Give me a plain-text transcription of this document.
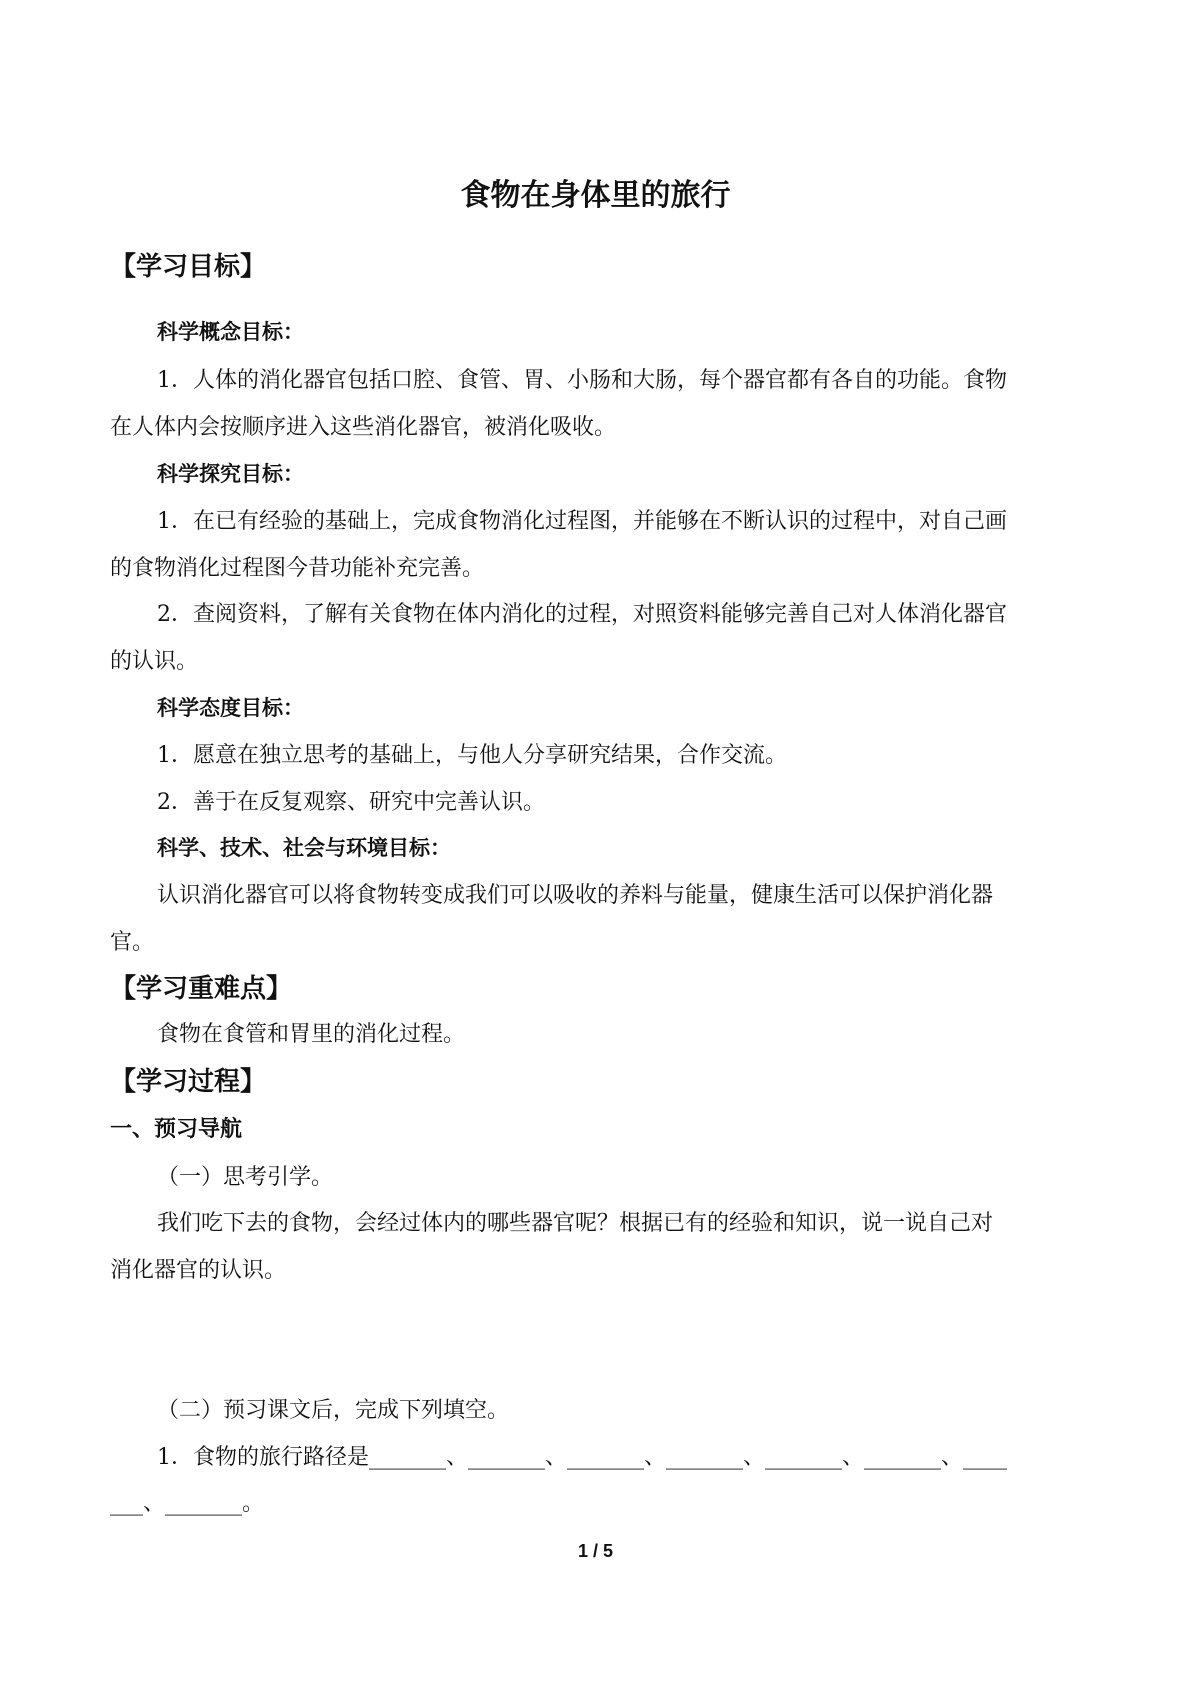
食物在身体里的旅行
【学习目标】
科学概念目标：
1．人体的消化器官包括口腔、食管、胃、小肠和大肠，每个器官都有各自的功能。食物
在人体内会按顺序进入这些消化器官，被消化吸收。
科学探究目标：
1．在已有经验的基础上，完成食物消化过程图，并能够在不断认识的过程中，对自己画
的食物消化过程图今昔功能补充完善。
2．查阅资料，了解有关食物在体内消化的过程，对照资料能够完善自己对人体消化器官
的认识。
科学态度目标：
1．愿意在独立思考的基础上，与他人分享研究结果，合作交流。
2．善于在反复观察、研究中完善认识。
科学、技术、社会与环境目标：
认识消化器官可以将食物转变成我们可以吸收的养料与能量，健康生活可以保护消化器
官。
【学习重难点】
食物在食管和胃里的消化过程。
【学习过程】
一、预习导航
（一）思考引学。
我们吃下去的食物，会经过体内的哪些器官呢？根据已有的经验和知识，说一说自己对
消化器官的认识。
（二）预习课文后，完成下列填空。
1．食物的旅行路径是_______、_______、_______、_______、_______、_______、____
___、_______。
1 / 5
